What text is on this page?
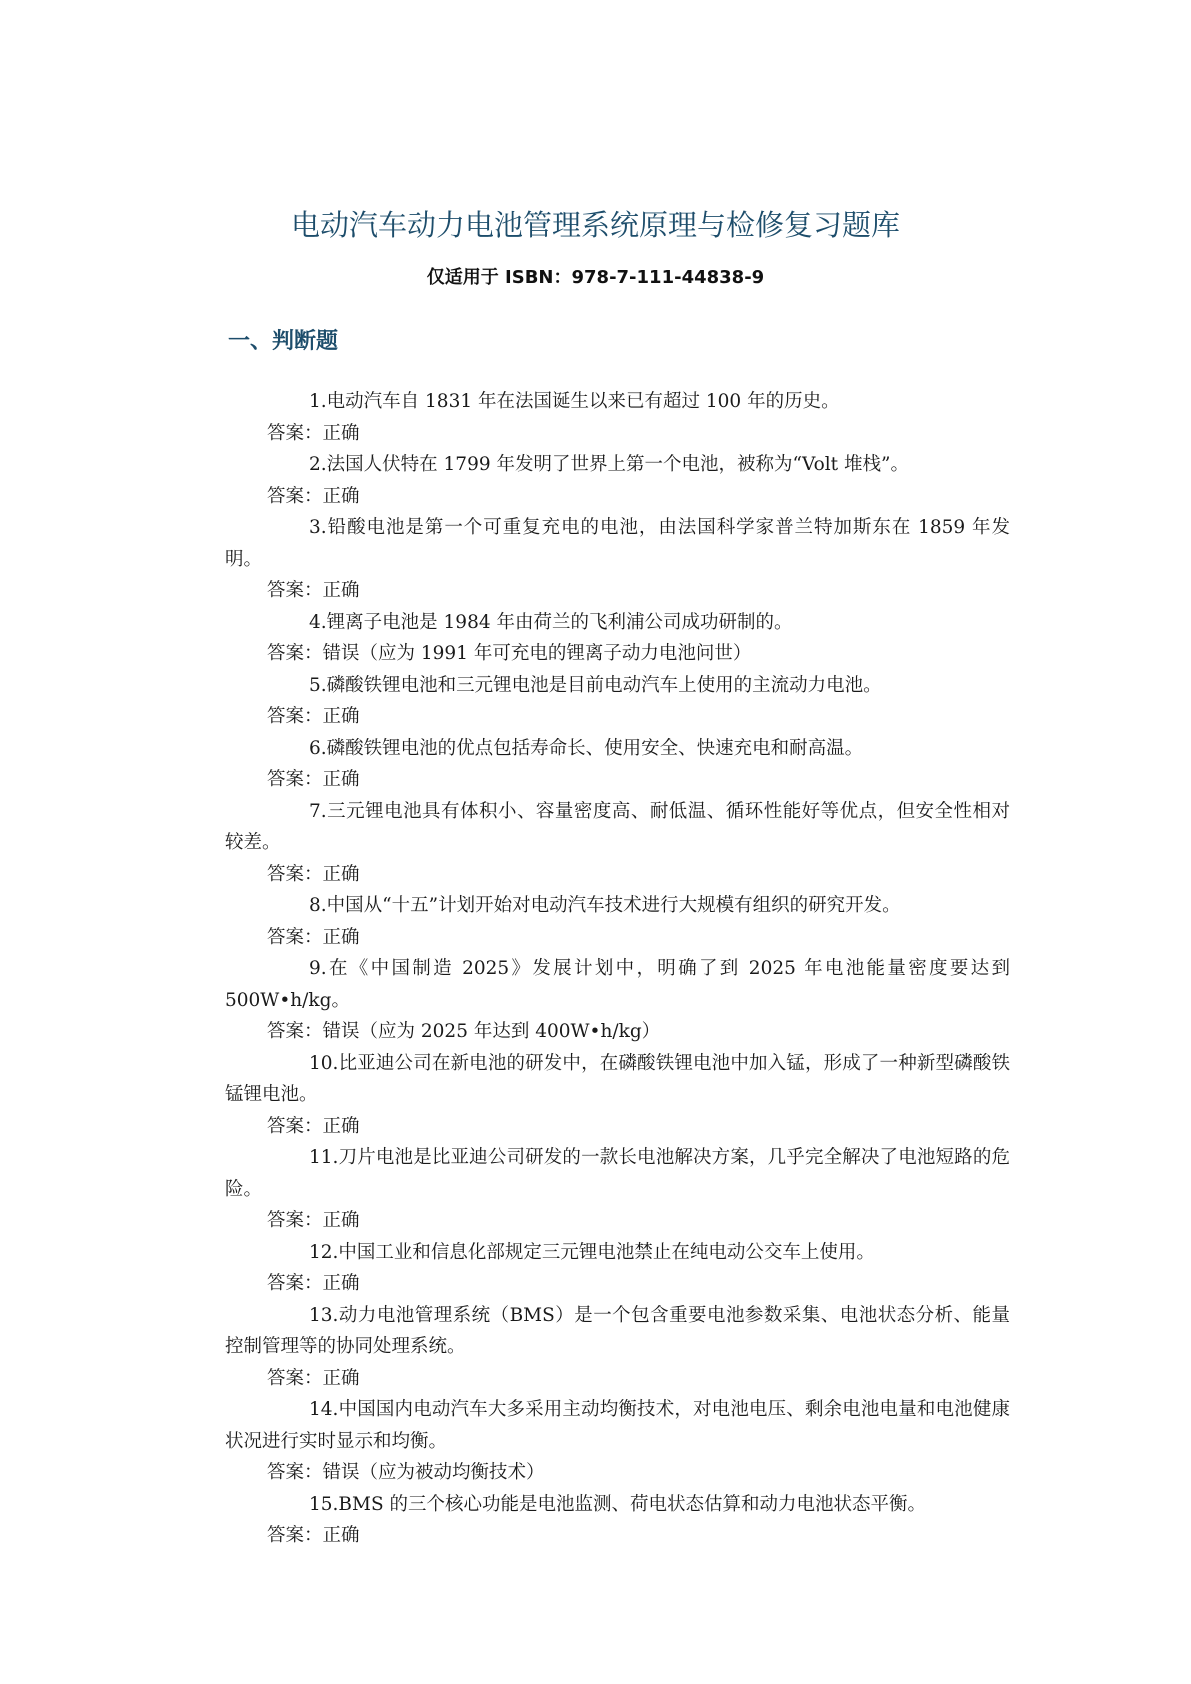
电动汽车动力电池管理系统原理与检修复习题库
仅适用于 ISBN：978-7-111-44838-9
一、判断题

1.电动汽车自 1831 年在法国诞生以来已有超过 100 年的历史。

答案：正确

2.法国人伏特在 1799 年发明了世界上第一个电池，被称为“Volt 堆栈”。

答案：正确

3.铅酸电池是第一个可重复充电的电池，由法国科学家普兰特加斯东在 1859 年发明。

答案：正确

4.锂离子电池是 1984 年由荷兰的飞利浦公司成功研制的。

答案：错误（应为 1991 年可充电的锂离子动力电池问世）

5.磷酸铁锂电池和三元锂电池是目前电动汽车上使用的主流动力电池。

答案：正确

6.磷酸铁锂电池的优点包括寿命长、使用安全、快速充电和耐高温。

答案：正确

7.三元锂电池具有体积小、容量密度高、耐低温、循环性能好等优点，但安全性相对较差。

答案：正确

8.中国从“十五”计划开始对电动汽车技术进行大规模有组织的研究开发。

答案：正确

9.在《中国制造 2025》发展计划中，明确了到 2025 年电池能量密度要达到 500W•h/kg。

答案：错误（应为 2025 年达到 400W•h/kg）

10.比亚迪公司在新电池的研发中，在磷酸铁锂电池中加入锰，形成了一种新型磷酸铁锰锂电池。

答案：正确

11.刀片电池是比亚迪公司研发的一款长电池解决方案，几乎完全解决了电池短路的危险。

答案：正确

12.中国工业和信息化部规定三元锂电池禁止在纯电动公交车上使用。

答案：正确

13.动力电池管理系统（BMS）是一个包含重要电池参数采集、电池状态分析、能量控制管理等的协同处理系统。

答案：正确

14.中国国内电动汽车大多采用主动均衡技术，对电池电压、剩余电池电量和电池健康状况进行实时显示和均衡。

答案：错误（应为被动均衡技术）

15.BMS 的三个核心功能是电池监测、荷电状态估算和动力电池状态平衡。

答案：正确
